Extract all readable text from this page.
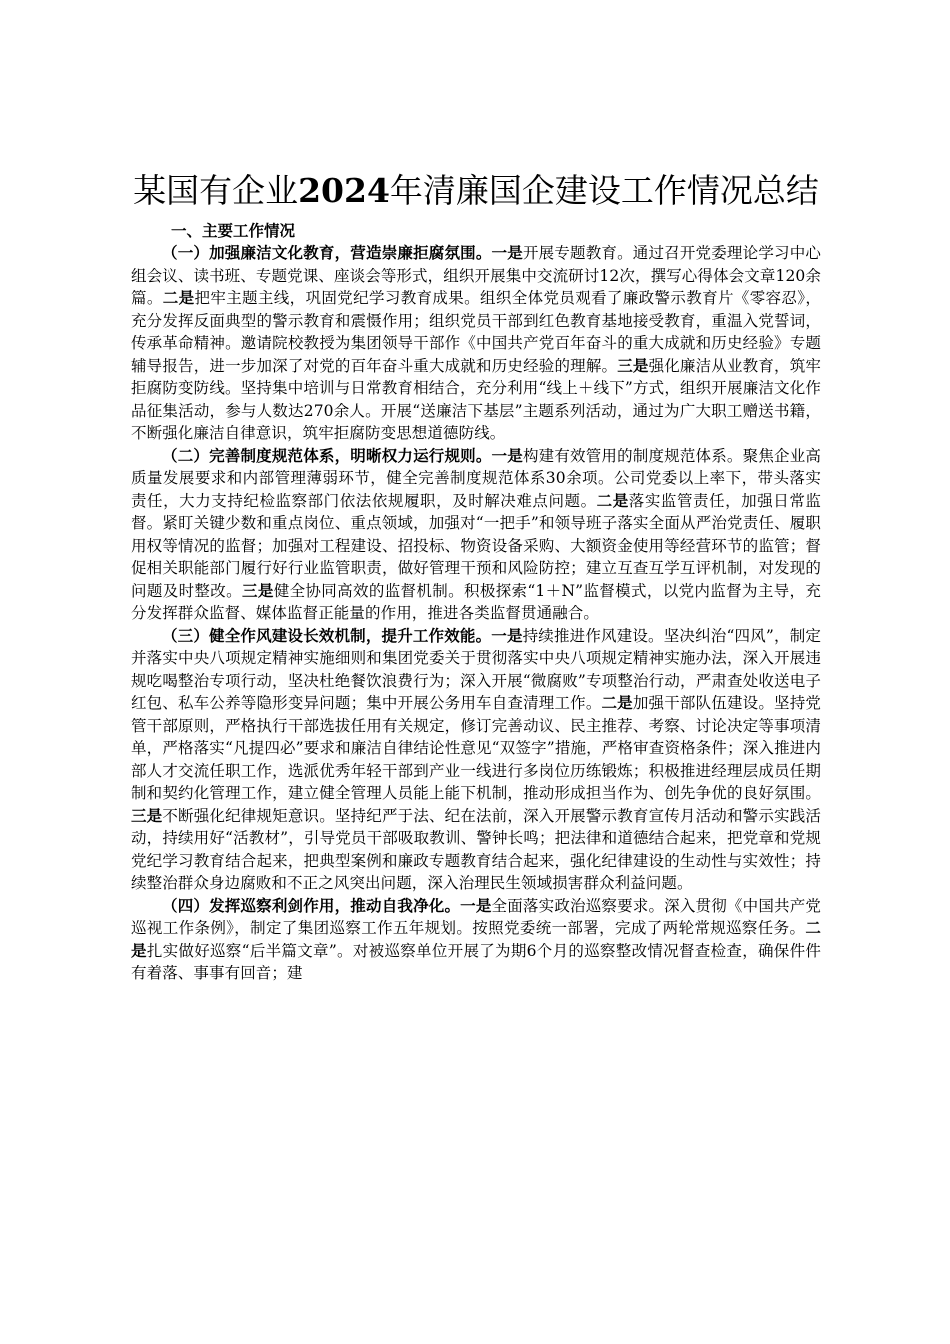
某国有企业2024年清廉国企建设工作情况总结

一、主要工作情况

（一）加强廉洁文化教育，营造崇廉拒腐氛围。一是开展专题教育。通过召开党委理论学习中心组会议、读书班、专题党课、座谈会等形式，组织开展集中交流研讨12次，撰写心得体会文章120余篇。二是把牢主题主线，巩固党纪学习教育成果。组织全体党员观看了廉政警示教育片《零容忍》，充分发挥反面典型的警示教育和震慑作用；组织党员干部到红色教育基地接受教育，重温入党誓词，传承革命精神。邀请院校教授为集团领导干部作《中国共产党百年奋斗的重大成就和历史经验》专题辅导报告，进一步加深了对党的百年奋斗重大成就和历史经验的理解。三是强化廉洁从业教育，筑牢拒腐防变防线。坚持集中培训与日常教育相结合，充分利用“线上＋线下”方式，组织开展廉洁文化作品征集活动，参与人数达270余人。开展“送廉洁下基层”主题系列活动，通过为广大职工赠送书籍，不断强化廉洁自律意识，筑牢拒腐防变思想道德防线。

（二）完善制度规范体系，明晰权力运行规则。一是构建有效管用的制度规范体系。聚焦企业高质量发展要求和内部管理薄弱环节，健全完善制度规范体系30余项。公司党委以上率下，带头落实责任，大力支持纪检监察部门依法依规履职，及时解决难点问题。二是落实监管责任，加强日常监督。紧盯关键少数和重点岗位、重点领域，加强对“一把手”和领导班子落实全面从严治党责任、履职用权等情况的监督；加强对工程建设、招投标、物资设备采购、大额资金使用等经营环节的监管；督促相关职能部门履行好行业监管职责，做好管理干预和风险防控；建立互查互学互评机制，对发现的问题及时整改。三是健全协同高效的监督机制。积极探索“1＋N”监督模式，以党内监督为主导，充分发挥群众监督、媒体监督正能量的作用，推进各类监督贯通融合。

（三）健全作风建设长效机制，提升工作效能。一是持续推进作风建设。坚决纠治“四风”，制定并落实中央八项规定精神实施细则和集团党委关于贯彻落实中央八项规定精神实施办法，深入开展违规吃喝整治专项行动，坚决杜绝餐饮浪费行为；深入开展“微腐败”专项整治行动，严肃查处收送电子红包、私车公养等隐形变异问题；集中开展公务用车自查清理工作。二是加强干部队伍建设。坚持党管干部原则，严格执行干部选拔任用有关规定，修订完善动议、民主推荐、考察、讨论决定等事项清单，严格落实“凡提四必”要求和廉洁自律结论性意见“双签字”措施，严格审查资格条件；深入推进内部人才交流任职工作，选派优秀年轻干部到产业一线进行多岗位历练锻炼；积极推进经理层成员任期制和契约化管理工作，建立健全管理人员能上能下机制，推动形成担当作为、创先争优的良好氛围。三是不断强化纪律规矩意识。坚持纪严于法、纪在法前，深入开展警示教育宣传月活动和警示实践活动，持续用好“活教材”，引导党员干部吸取教训、警钟长鸣；把法律和道德结合起来，把党章和党规党纪学习教育结合起来，把典型案例和廉政专题教育结合起来，强化纪律建设的生动性与实效性；持续整治群众身边腐败和不正之风突出问题，深入治理民生领域损害群众利益问题。

（四）发挥巡察利剑作用，推动自我净化。一是全面落实政治巡察要求。深入贯彻《中国共产党巡视工作条例》，制定了集团巡察工作五年规划。按照党委统一部署，完成了两轮常规巡察任务。二是扎实做好巡察“后半篇文章”。对被巡察单位开展了为期6个月的巡察整改情况督查检查，确保件件有着落、事事有回音；建
